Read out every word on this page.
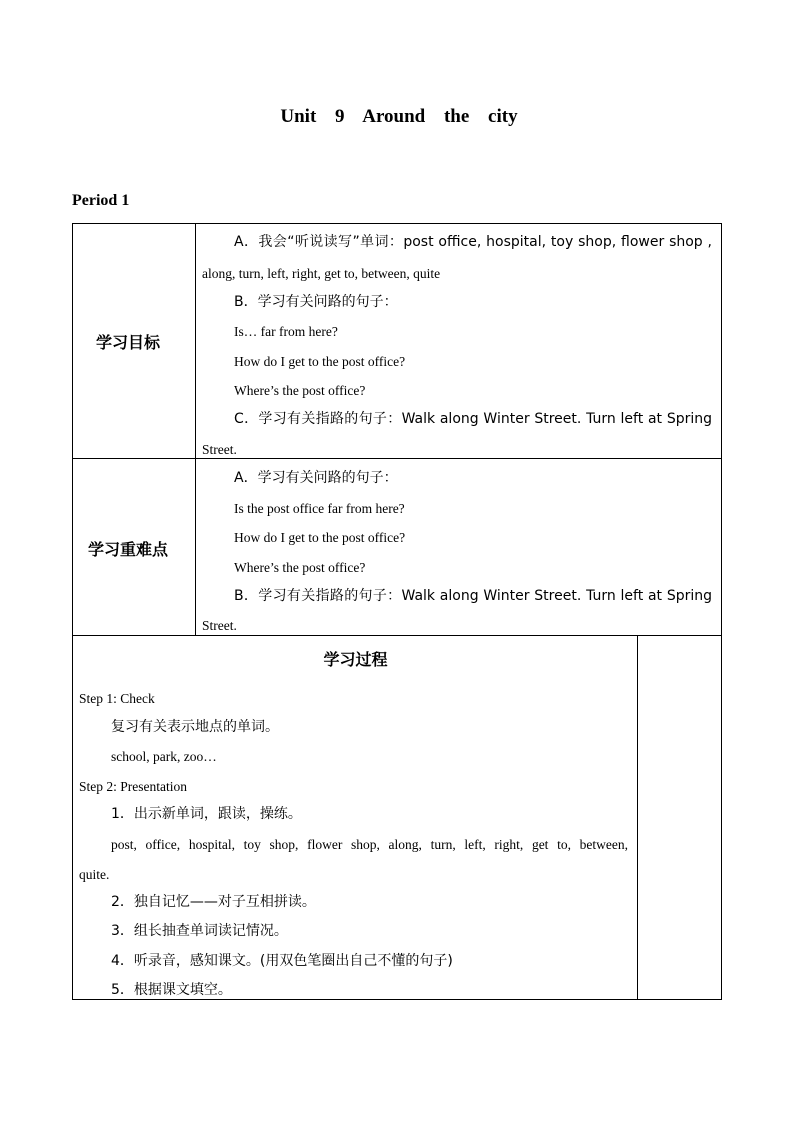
Unit 9 Around the city
Period 1
学习目标
A．我会“听说读写”单词：post office, hospital, toy shop, flower shop ,
along, turn, left, right, get to, between, quite
B．学习有关问路的句子：
Is… far from here?
How do I get to the post office?
Where’s the post office?
C．学习有关指路的句子：Walk along Winter Street. Turn left at Spring
Street.
学习重难点
A．学习有关问路的句子：
Is the post office far from here?
How do I get to the post office?
Where’s the post office?
B．学习有关指路的句子：Walk along Winter Street. Turn left at Spring
Street.
学习过程
Step 1: Check
复习有关表示地点的单词。
school, park, zoo…
Step 2: Presentation
1．出示新单词，跟读，操练。
post, office, hospital, toy shop, flower shop, along, turn, left, right, get to, between,
quite.
2．独自记忆——对子互相拼读。
3．组长抽查单词读记情况。
4．听录音，感知课文。(用双色笔圈出自己不懂的句子)
5．根据课文填空。
